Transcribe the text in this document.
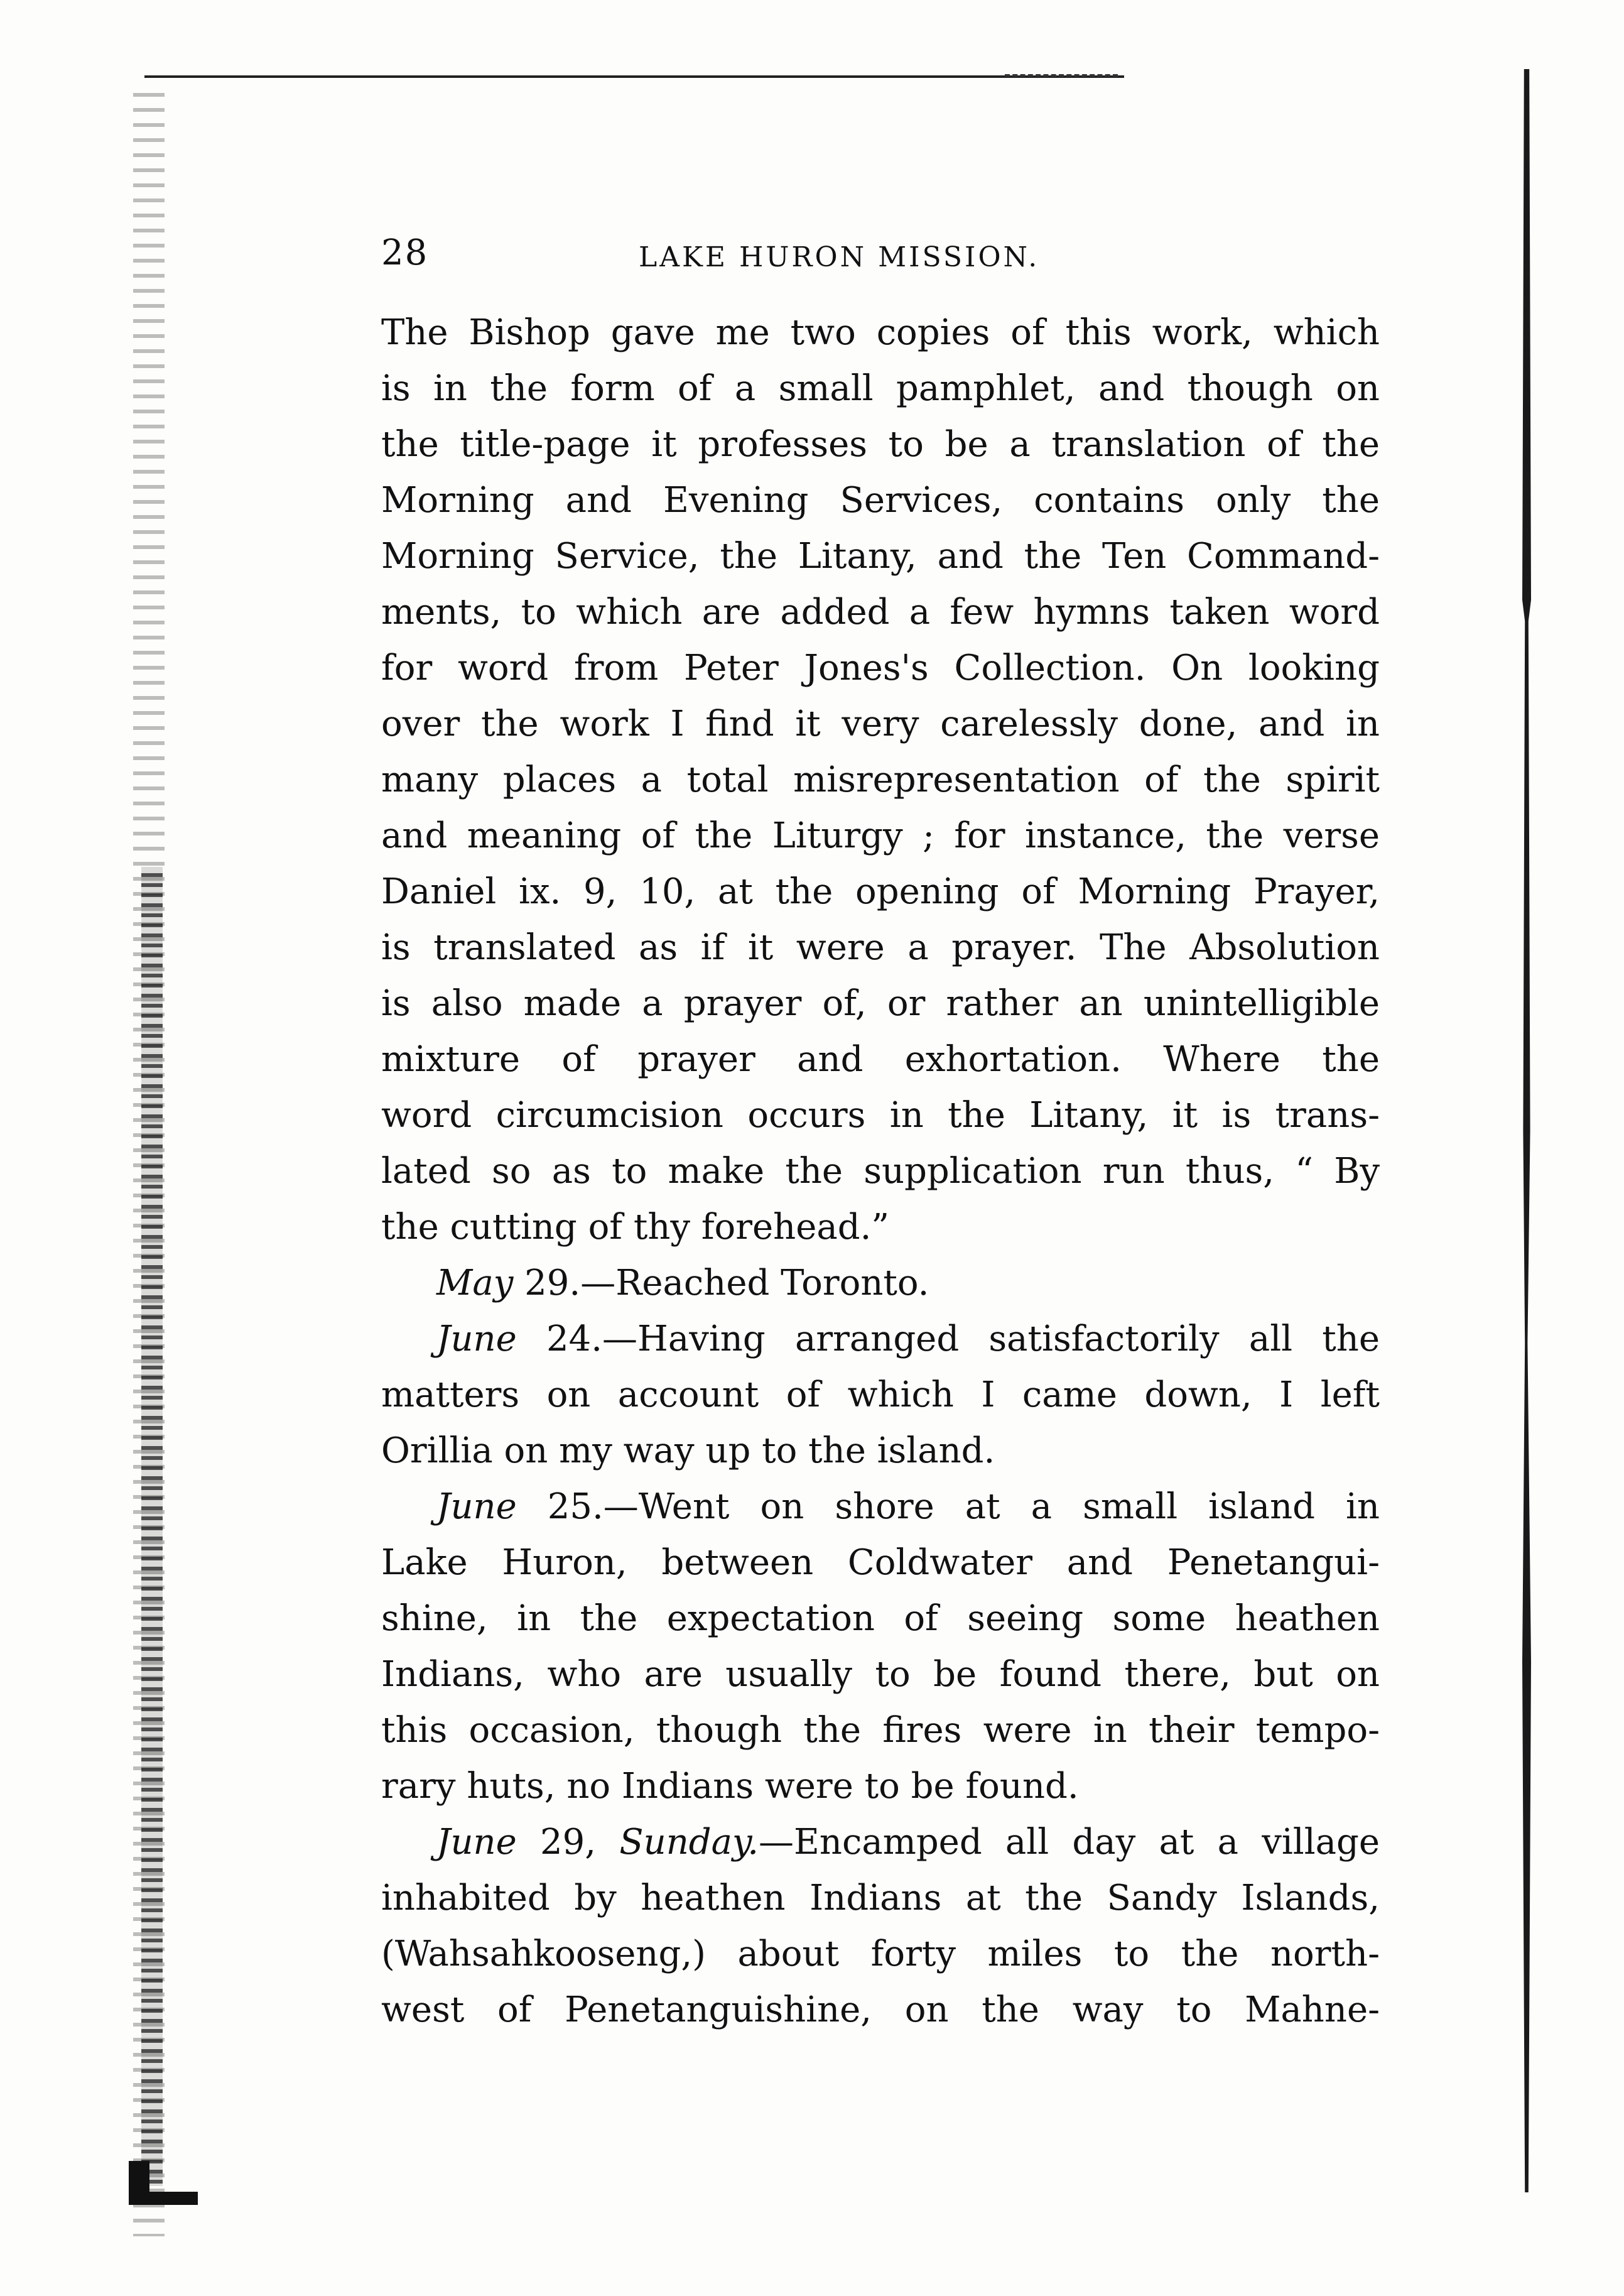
28	LAKE HURON MISSION.
The Bishop gave me two copies of this work, which
is in the form of a small pamphlet, and though on
the title-page it professes to be a translation of the
Morning and Evening Services, contains only the
Morning Service, the Litany, and the Ten Command-
ments, to which are added a few hymns taken word
for word from Peter Jones's Collection. On looking
over the work I find it very carelessly done, and in
many places a total misrepresentation of the spirit
and meaning of the Liturgy ; for instance, the verse
Daniel ix. 9, 10, at the opening of Morning Prayer,
is translated as if it were a prayer. The Absolution
is also made a prayer of, or rather an unintelligible
mixture of prayer and exhortation. Where the
word circumcision occurs in the Litany, it is trans-
lated so as to make the supplication run thus, “ By
the cutting of thy forehead.”
May 29.—Reached Toronto.
June 24.—Having arranged satisfactorily all the
matters on account of which I came down, I left
Orillia on my way up to the island.
June 25.—Went on shore at a small island in
Lake Huron, between Coldwater and Penetangui-
shine, in the expectation of seeing some heathen
Indians, who are usually to be found there, but on
this occasion, though the fires were in their tempo-
rary huts, no Indians were to be found.
June 29, Sunday.—Encamped all day at a village
inhabited by heathen Indians at the Sandy Islands,
(Wahsahkooseng,) about forty miles to the north-
west of Penetanguishine, on the way to Mahne-
